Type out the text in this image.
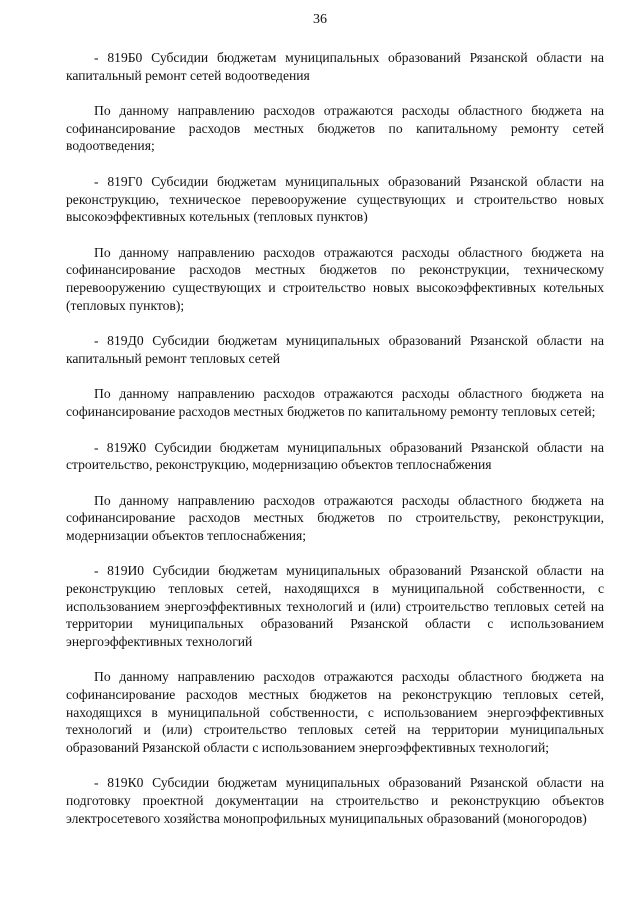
36

- 819Б0 Субсидии бюджетам муниципальных образований Рязанской области на капитальный ремонт сетей водоотведения

По данному направлению расходов отражаются расходы областного бюджета на софинансирование расходов местных бюджетов по капитальному ремонту сетей водоотведения;

- 819Г0 Субсидии бюджетам муниципальных образований Рязанской области на реконструкцию, техническое перевооружение существующих и строительство новых высокоэффективных котельных (тепловых пунктов)

По данному направлению расходов отражаются расходы областного бюджета на софинансирование расходов местных бюджетов по реконструкции, техническому перевооружению существующих и строительство новых высокоэффективных котельных (тепловых пунктов);

- 819Д0 Субсидии бюджетам муниципальных образований Рязанской области на капитальный ремонт тепловых сетей

По данному направлению расходов отражаются расходы областного бюджета на софинансирование расходов местных бюджетов по капитальному ремонту тепловых сетей;

- 819Ж0 Субсидии бюджетам муниципальных образований Рязанской области на строительство, реконструкцию, модернизацию объектов теплоснабжения

По данному направлению расходов отражаются расходы областного бюджета на софинансирование расходов местных бюджетов по строительству, реконструкции, модернизации объектов теплоснабжения;

- 819И0 Субсидии бюджетам муниципальных образований Рязанской области на реконструкцию тепловых сетей, находящихся в муниципальной собственности, с использованием энергоэффективных технологий и (или) строительство тепловых сетей на территории муниципальных образований Рязанской области с использованием энергоэффективных технологий

По данному направлению расходов отражаются расходы областного бюджета на софинансирование расходов местных бюджетов на реконструкцию тепловых сетей, находящихся в муниципальной собственности, с использованием энергоэффективных технологий и (или) строительство тепловых сетей на территории муниципальных образований Рязанской области с использованием энергоэффективных технологий;

- 819К0 Субсидии бюджетам муниципальных образований Рязанской области на подготовку проектной документации на строительство и реконструкцию объектов электросетевого хозяйства монопрофильных муниципальных образований (моногородов)
